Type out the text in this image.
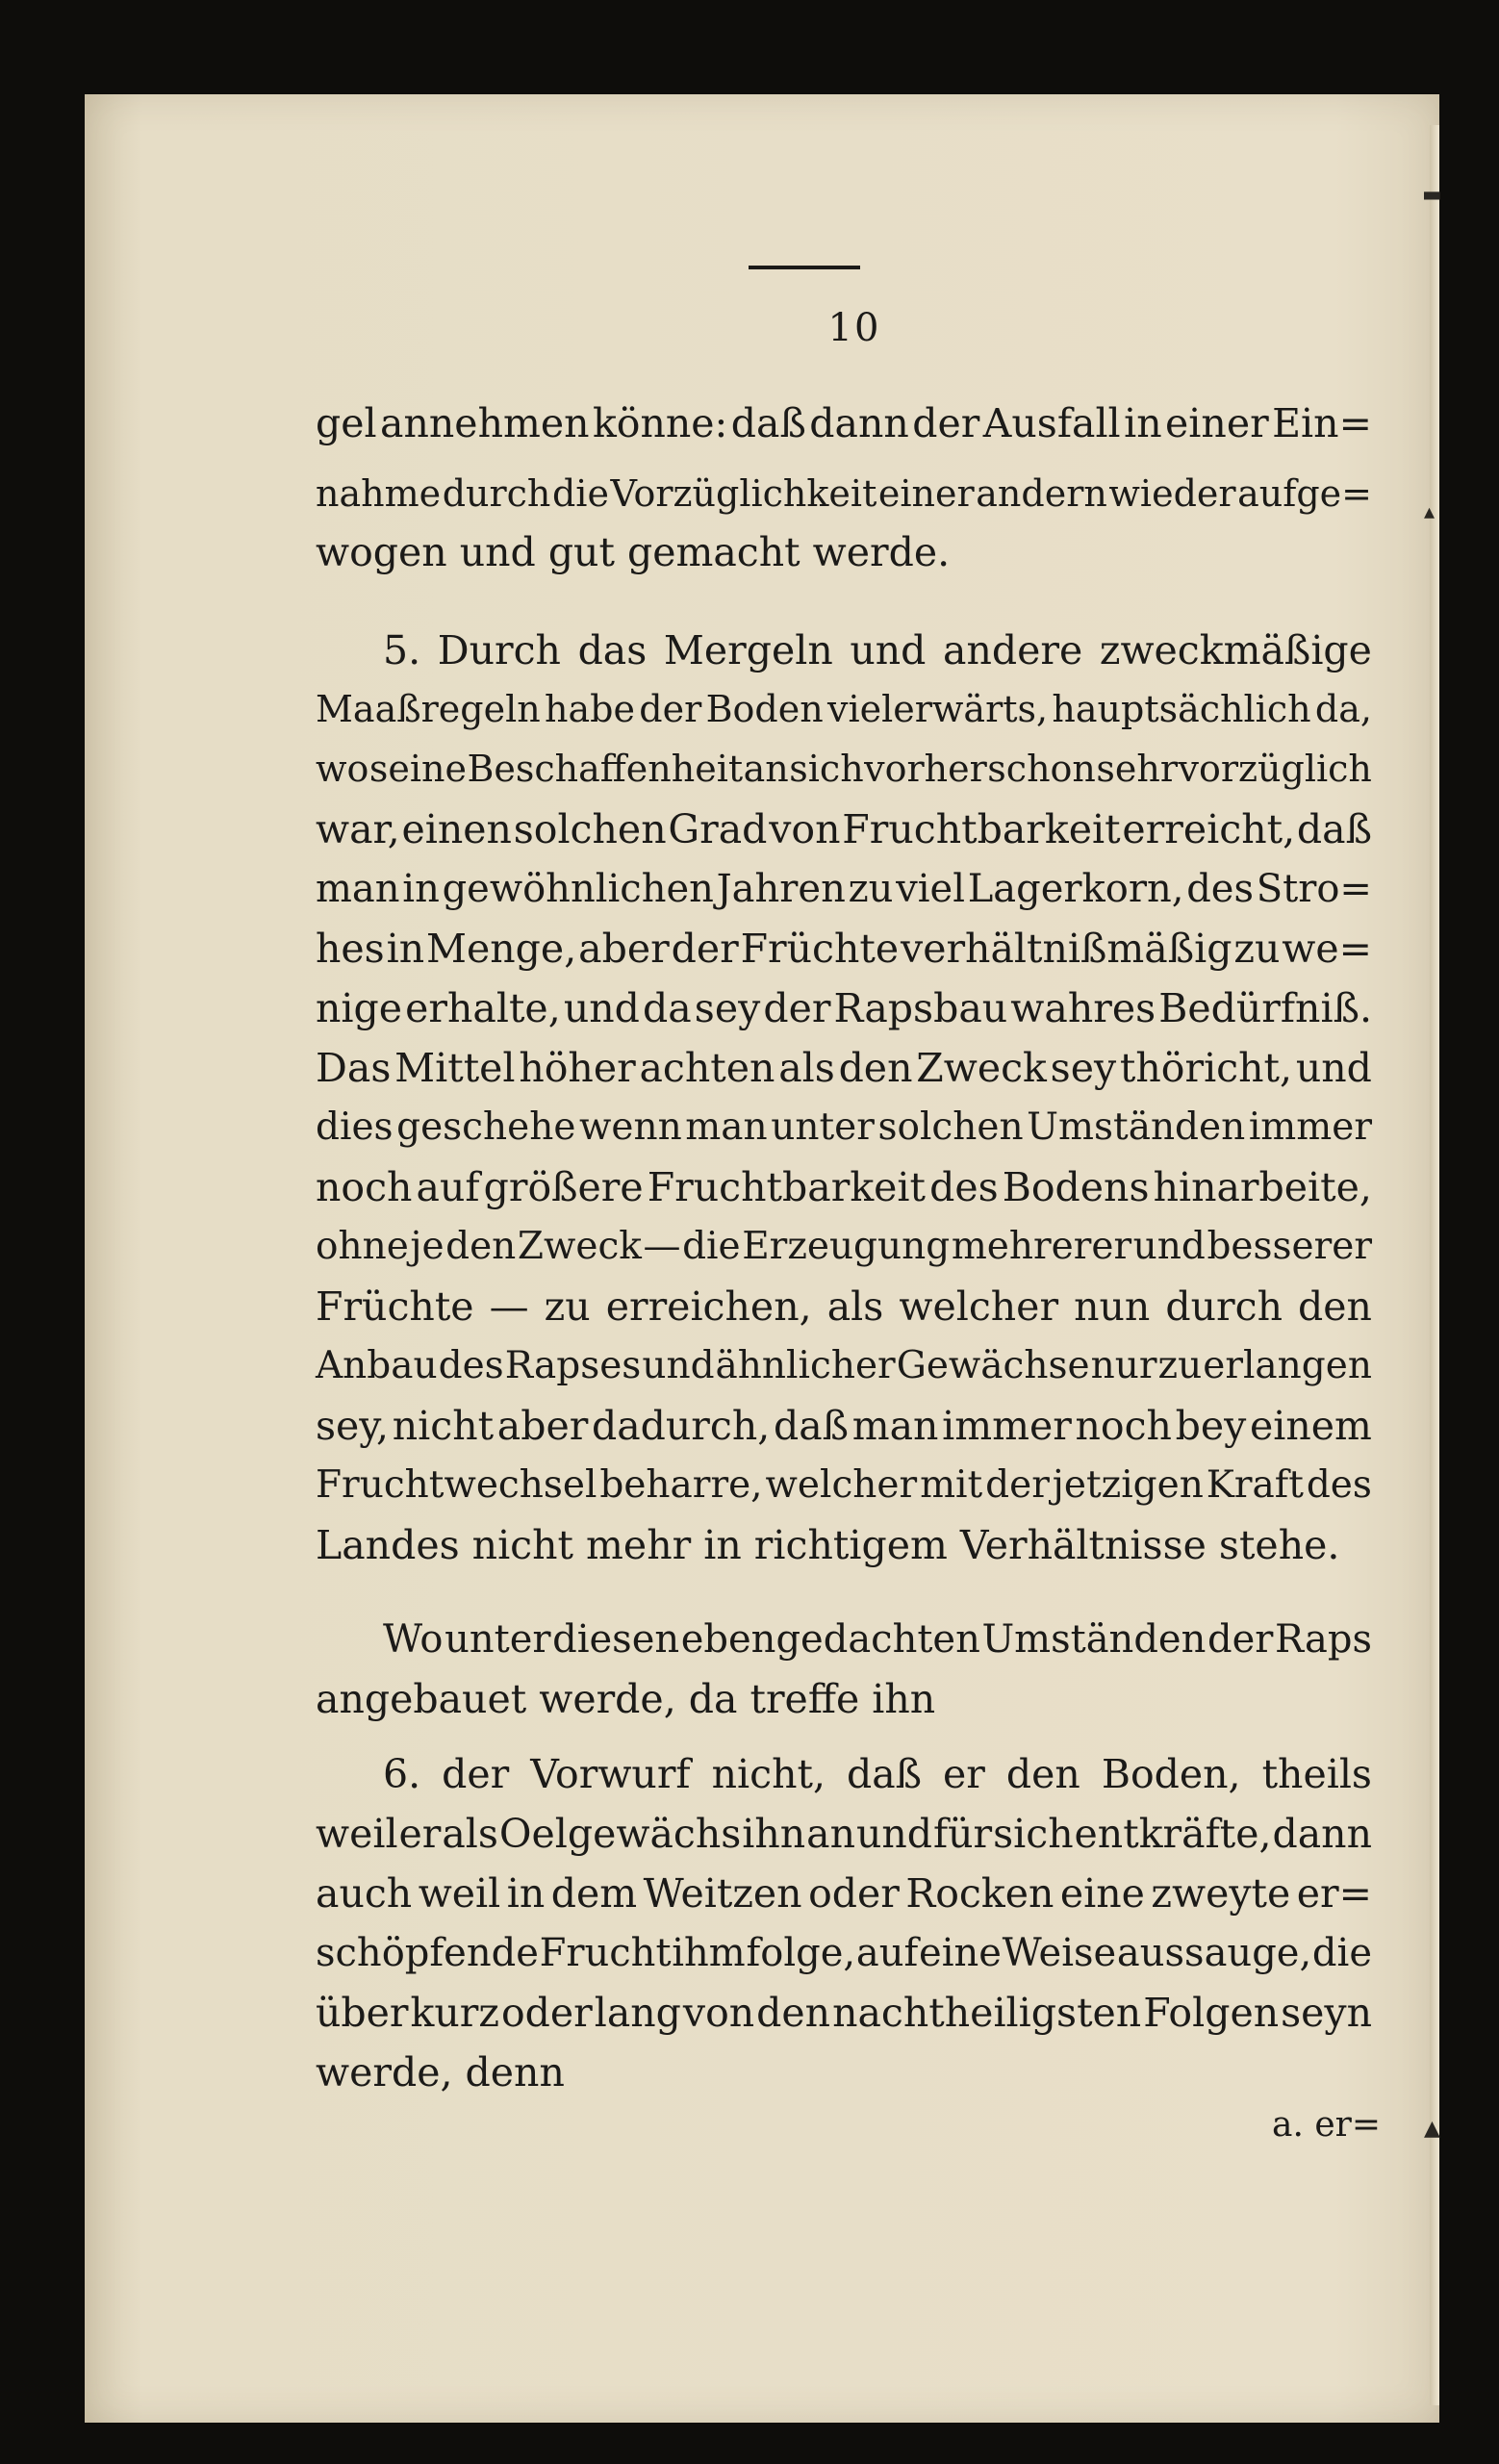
10
gel annehmen könne: daß dann der Ausfall in einer Ein=
nahme durch die Vorzüglichkeit einer andern wieder aufge=
wogen und gut gemacht werde.
5. Durch das Mergeln und andere zweckmäßige
Maaßregeln habe der Boden vielerwärts, hauptsächlich da,
wo seine Beschaffenheit an sich vorher schon sehr vorzüglich
war, einen solchen Grad von Fruchtbarkeit erreicht, daß
man in gewöhnlichen Jahren zu viel Lagerkorn, des Stro=
hes in Menge, aber der Früchte verhältnißmäßig zu we=
nige erhalte, und da sey der Rapsbau wahres Bedürfniß.
Das Mittel höher achten als den Zweck sey thöricht, und
dies geschehe wenn man unter solchen Umständen immer
noch auf größere Fruchtbarkeit des Bodens hinarbeite,
ohne je den Zweck — die Erzeugung mehrerer und besserer
Früchte — zu erreichen, als welcher nun durch den
Anbau des Rapses und ähnlicher Gewächse nur zu erlangen
sey, nicht aber dadurch, daß man immer noch bey einem
Fruchtwechsel beharre, welcher mit der jetzigen Kraft des
Landes nicht mehr in richtigem Verhältnisse stehe.
Wo unter diesen ebengedachten Umständen der Raps
angebauet werde, da treffe ihn
6. der Vorwurf nicht, daß er den Boden, theils
weil er als Oelgewächs ihn an und für sich entkräfte, dann
auch weil in dem Weitzen oder Rocken eine zweyte er=
schöpfende Frucht ihm folge, auf eine Weise aussauge, die
über kurz oder lang von den nachtheiligsten Folgen seyn
werde, denn
a. er=
▬
▴
▲
